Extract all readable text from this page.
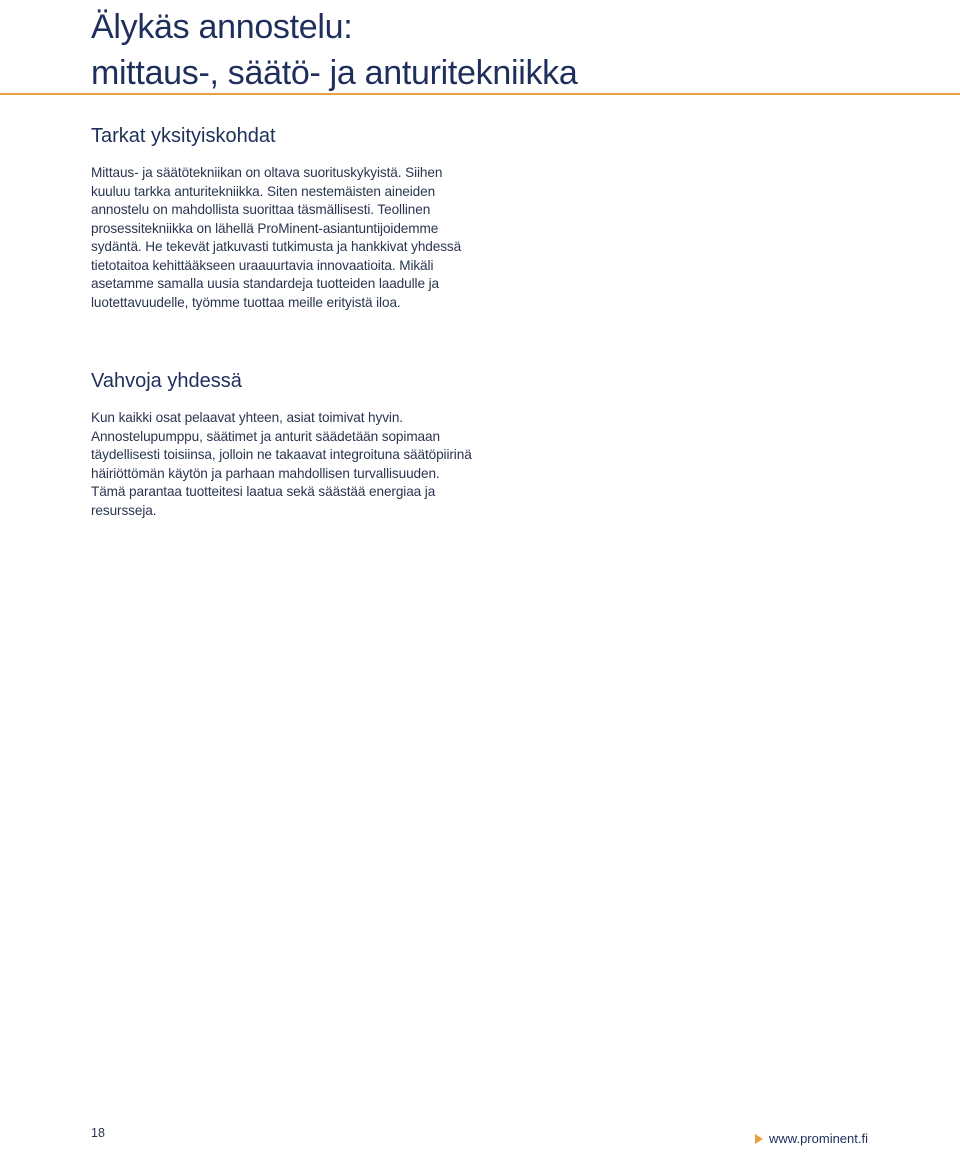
Älykäs annostelu:
mittaus-, säätö- ja anturitekniikka
Tarkat yksityiskohdat

Mittaus- ja säätötekniikan on oltava suorituskykyistä. Siihen kuuluu tarkka anturitekniikka. Siten nestemäisten aineiden annostelu on mahdollista suorittaa täsmällisesti. Teollinen prosessitekniikka on lähellä ProMinent-asiantuntijoidemme sydäntä. He tekevät jatkuvasti tutkimusta ja hankkivat yhdessä tietotaitoa kehittääkseen uraauurtavia innovaatioita. Mikäli asetamme samalla uusia standardeja tuotteiden laadulle ja luotettavuudelle, työmme tuottaa meille erityistä iloa.

Vahvoja yhdessä

Kun kaikki osat pelaavat yhteen, asiat toimivat hyvin. Annostelupumppu, säätimet ja anturit säädetään sopimaan täydellisesti toisiinsa, jolloin ne takaavat integroituna säätöpiirinä häiriöttömän käytön ja parhaan mahdollisen turvallisuuden. Tämä parantaa tuotteitesi laatua sekä säästää energiaa ja resursseja.

18	www.prominent.fi
